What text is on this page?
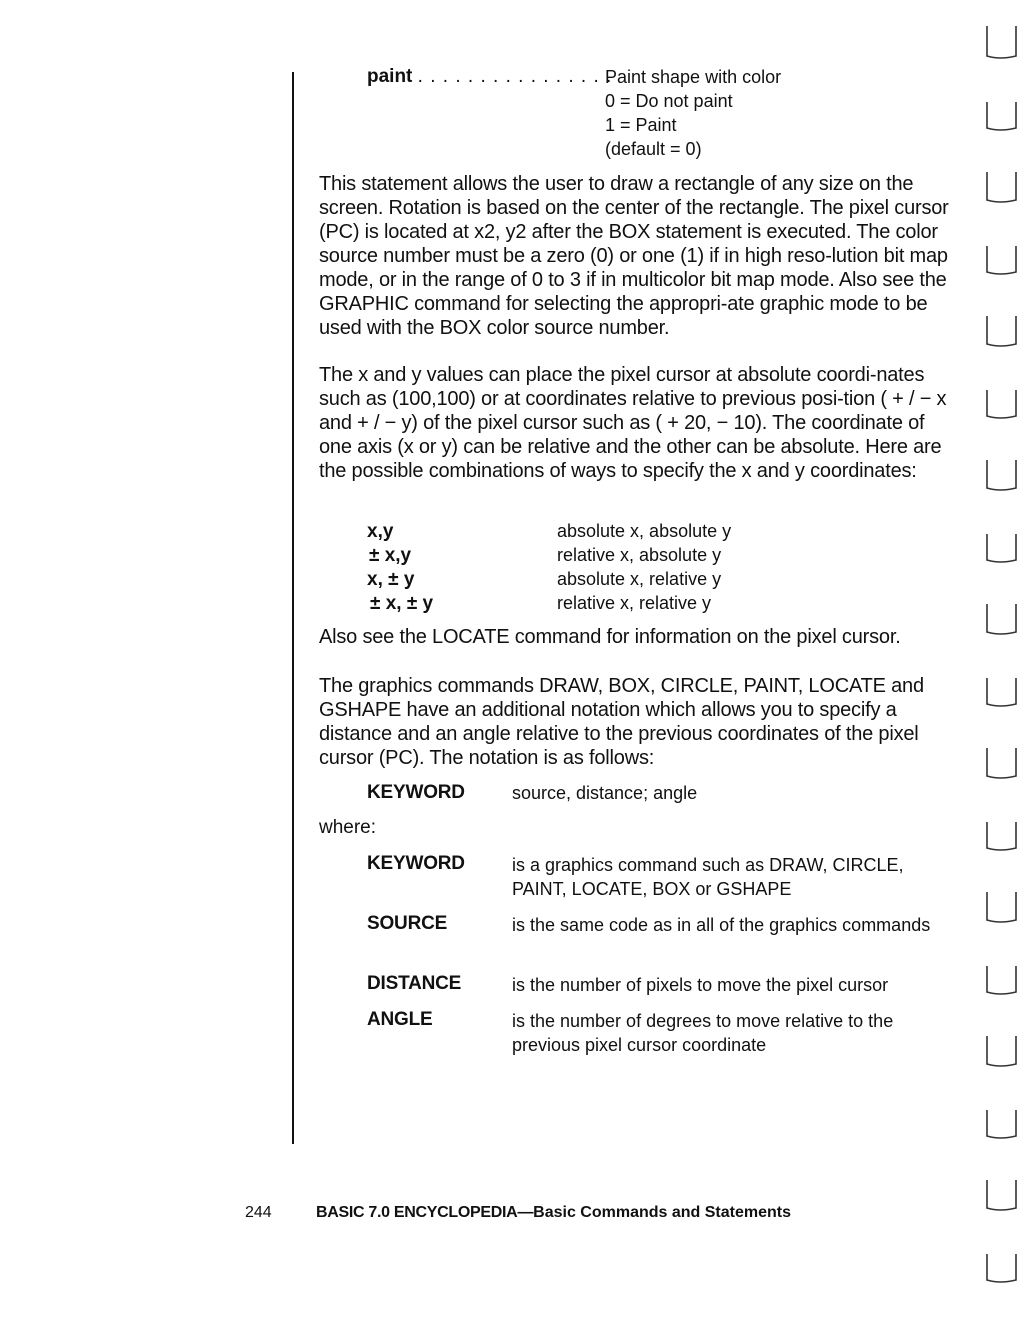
paint . . . . . . . . . . . . . . . .
Paint shape with color
0 = Do not paint
1 = Paint
(default = 0)
This statement allows the user to draw a rectangle of any size on the screen. Rotation is based on the center of the rectangle. The pixel cursor (PC) is located at x2, y2 after the BOX statement is executed. The color source number must be a zero (0) or one (1) if in high reso-lution bit map mode, or in the range of 0 to 3 if in multicolor bit map mode. Also see the GRAPHIC command for selecting the appropri-ate graphic mode to be used with the BOX color source number.
The x and y values can place the pixel cursor at absolute coordi-nates such as (100,100) or at coordinates relative to previous posi-tion ( + / − x and + / − y) of the pixel cursor such as ( + 20, − 10). The coordinate of one axis (x or y) can be relative and the other can be absolute. Here are the possible combinations of ways to specify the x and y coordinates:
x,y	absolute x, absolute y
± x,y	relative x, absolute y
x, ± y	absolute x, relative y
± x, ± y	relative x, relative y
Also see the LOCATE command for information on the pixel cursor.
The graphics commands DRAW, BOX, CIRCLE, PAINT, LOCATE and GSHAPE have an additional notation which allows you to specify a distance and an angle relative to the previous coordinates of the pixel cursor (PC). The notation is as follows:
KEYWORD	source, distance; angle
where:
KEYWORD	is a graphics command such as DRAW, CIRCLE, PAINT, LOCATE, BOX or GSHAPE
SOURCE	is the same code as in all of the graphics commands
DISTANCE	is the number of pixels to move the pixel cursor
ANGLE	is the number of degrees to move relative to the previous pixel cursor coordinate
244	BASIC 7.0 ENCYCLOPEDIA—Basic Commands and Statements
